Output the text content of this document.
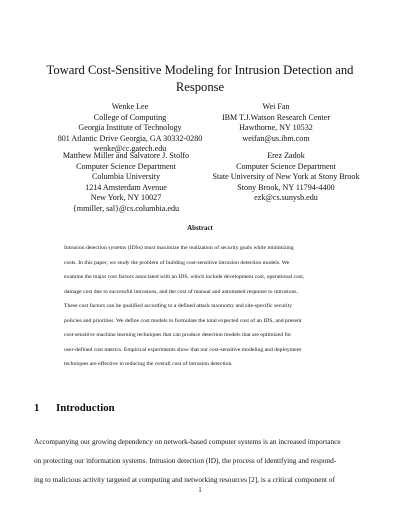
Toward Cost-Sensitive Modeling for Intrusion Detection and
Response
Wenke Lee
College of Computing
Georgia Institute of Technology
801 Atlantic Drive Georgia, GA 30332-0280
wenke@cc.gatech.edu
Wei Fan
IBM T.J.Watson Research Center
Hawthorne, NY 10532
weifan@us.ibm.com
Matthew Miller and Salvatore J. Stolfo
Computer Science Department
Columbia University
1214 Amsterdam Avenue
New York, NY 10027
{mmiller, sal}@cs.columbia.edu
Erez Zadok
Computer Science Department
State University of New York at Stony Brook
Stony Brook, NY 11794-4400
ezk@cs.sunysb.edu
Abstract
Intrusion detection systems (IDSs) must maximize the realization of security goals while minimizing
costs. In this paper, we study the problem of building cost-sensitive intrusion detection models. We
examine the major cost factors associated with an IDS, which include development cost, operational cost,
damage cost due to successful intrusions, and the cost of manual and automated response to intrusions.
These cost factors can be qualified according to a defined attack taxonomy and site-specific security
policies and priorities. We define cost models to formulate the total expected cost of an IDS, and present
cost-sensitive machine learning techniques that can produce detection models that are optimized for
user-defined cost metrics. Empirical experiments show that our cost-sensitive modeling and deployment
techniques are effective in reducing the overall cost of intrusion detection.
1 Introduction
Accompanying our growing dependency on network-based computer systems is an increased importance
on protecting our information systems. Intrusion detection (ID), the process of identifying and respond-
ing to malicious activity targeted at computing and networking resources [2], is a critical component of
1
